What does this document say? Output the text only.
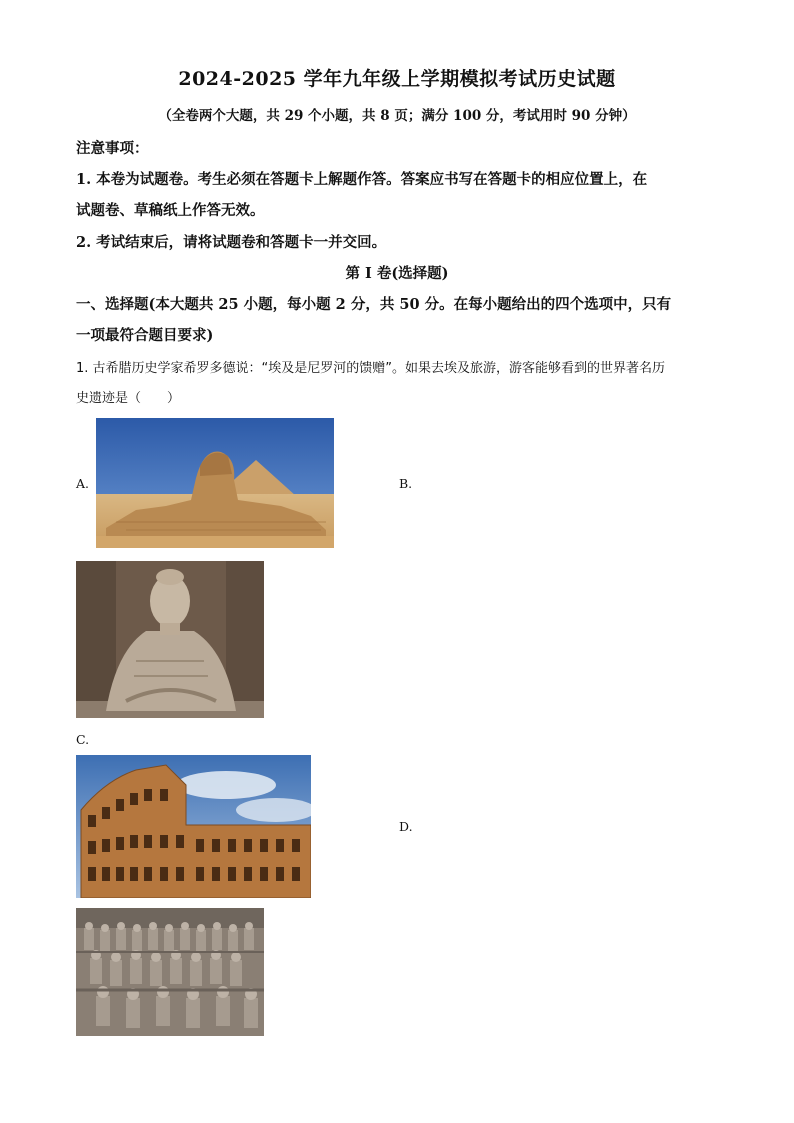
2024-2025 学年九年级上学期模拟考试历史试题
（全卷两个大题，共 29 个小题，共 8 页；满分 100 分，考试用时 90 分钟）
注意事项：
1. 本卷为试题卷。考生必须在答题卡上解题作答。答案应书写在答题卡的相应位置上，在
试题卷、草稿纸上作答无效。
2. 考试结束后，请将试题卷和答题卡一并交回。
第 I 卷(选择题)
一、选择题(本大题共 25 小题，每小题 2 分，共 50 分。在每小题给出的四个选项中，只有
一项最符合题目要求)
1. 古希腊历史学家希罗多德说：“埃及是尼罗河的馈赠”。如果去埃及旅游，游客能够看到的世界著名历
史遗迹是（　　）
A.	B.
C.
D.
